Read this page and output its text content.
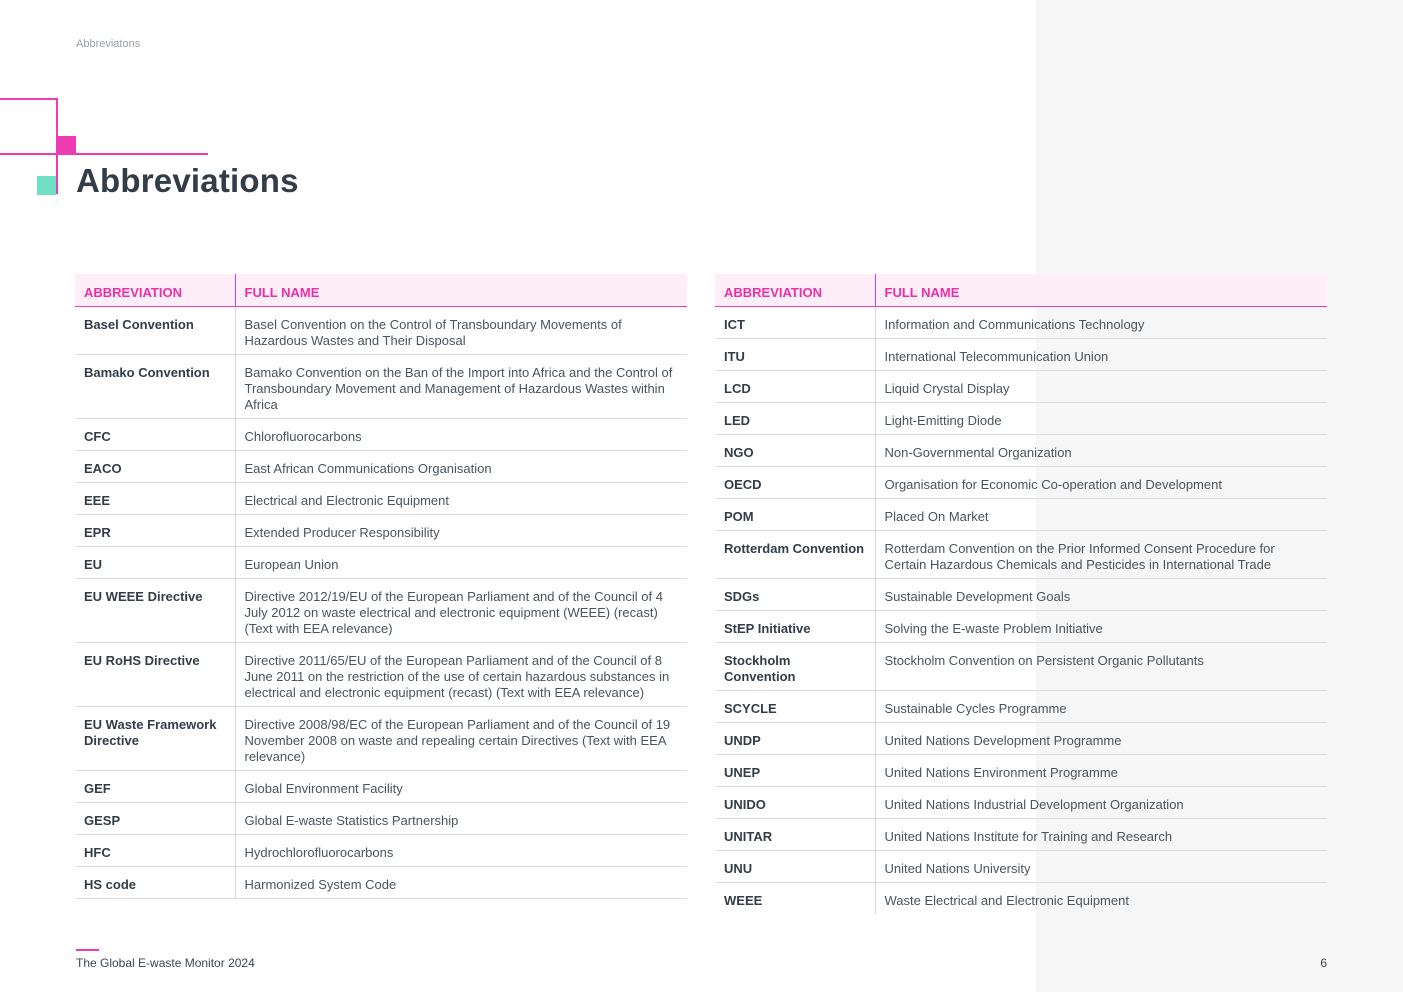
Abbreviatons
Abbreviations
ABBREVIATION	FULL NAME
Basel Convention	Basel Convention on the Control of Transboundary Movements of Hazardous Wastes and Their Disposal
Bamako Convention	Bamako Convention on the Ban of the Import into Africa and the Control of Transboundary Movement and Management of Hazardous Wastes within Africa
CFC	Chlorofluorocarbons
EACO	East African Communications Organisation
EEE	Electrical and Electronic Equipment
EPR	Extended Producer Responsibility
EU	European Union
EU WEEE Directive	Directive 2012/19/EU of the European Parliament and of the Council of 4 July 2012 on waste electrical and electronic equipment (WEEE) (recast) (Text with EEA relevance)
EU RoHS Directive	Directive 2011/65/EU of the European Parliament and of the Council of 8 June 2011 on the restriction of the use of certain hazardous substances in electrical and electronic equipment (recast) (Text with EEA relevance)
EU Waste Framework Directive	Directive 2008/98/EC of the European Parliament and of the Council of 19 November 2008 on waste and repealing certain Directives (Text with EEA relevance)
GEF	Global Environment Facility
GESP	Global E-waste Statistics Partnership
HFC	Hydrochlorofluorocarbons
HS code	Harmonized System Code
ABBREVIATION	FULL NAME
ICT	Information and Communications Technology
ITU	International Telecommunication Union
LCD	Liquid Crystal Display
LED	Light-Emitting Diode
NGO	Non-Governmental Organization
OECD	Organisation for Economic Co-operation and Development
POM	Placed On Market
Rotterdam Convention	Rotterdam Convention on the Prior Informed Consent Procedure for Certain Hazardous Chemicals and Pesticides in International Trade
SDGs	Sustainable Development Goals
StEP Initiative	Solving the E-waste Problem Initiative
Stockholm Convention	Stockholm Convention on Persistent Organic Pollutants
SCYCLE	Sustainable Cycles Programme
UNDP	United Nations Development Programme
UNEP	United Nations Environment Programme
UNIDO	United Nations Industrial Development Organization
UNITAR	United Nations Institute for Training and Research
UNU	United Nations University
WEEE	Waste Electrical and Electronic Equipment
The Global E-waste Monitor 2024	6
